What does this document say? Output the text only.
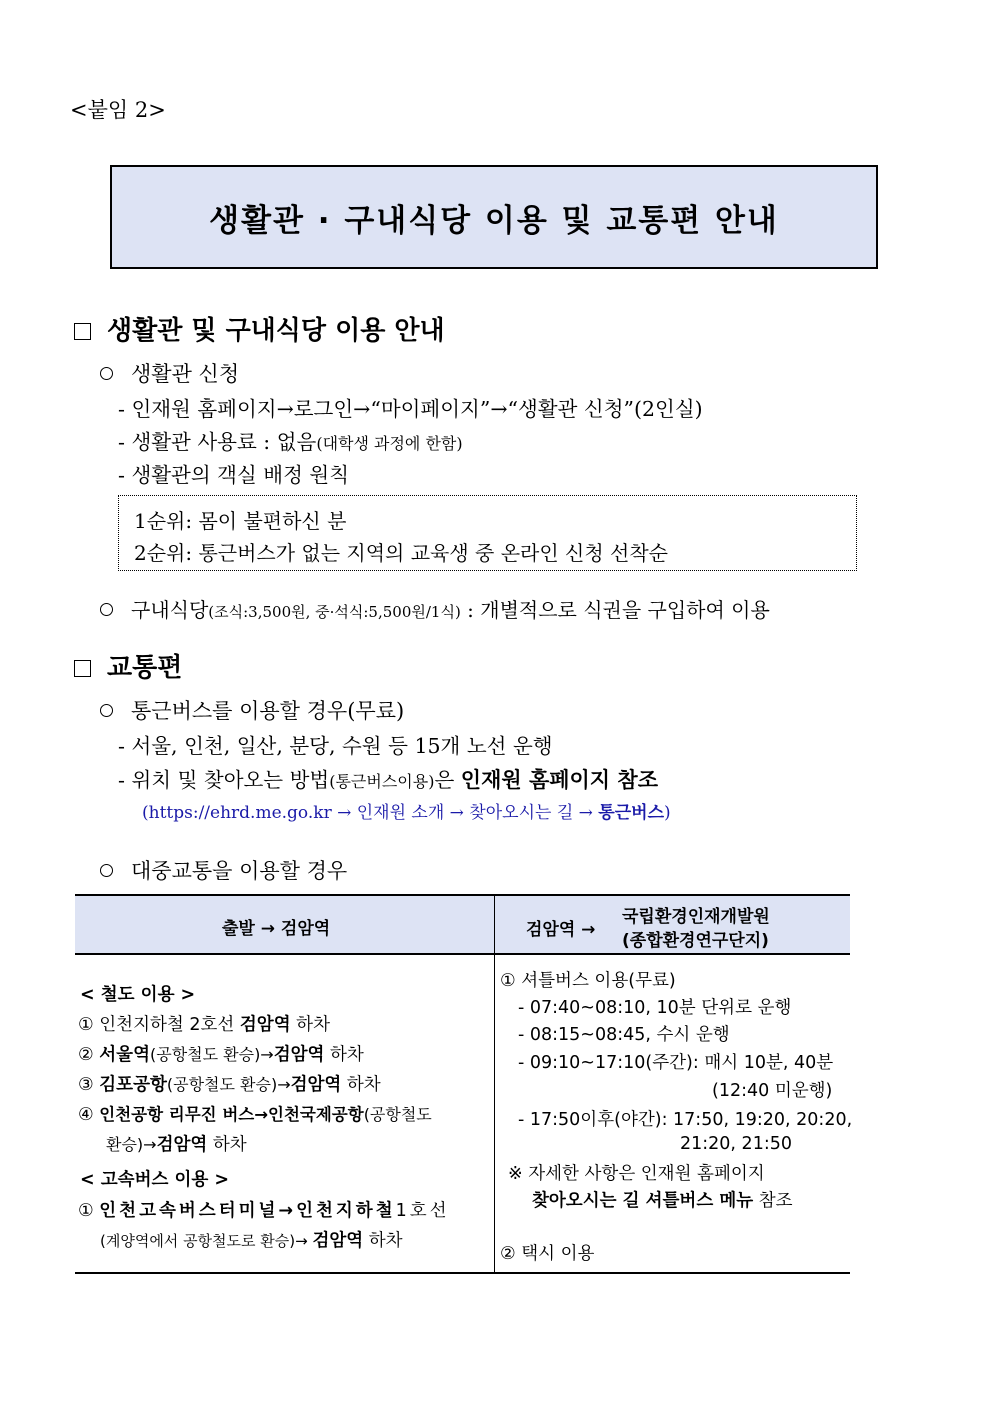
<붙임 2>
생활관 · 구내식당 이용 및 교통편 안내
생활관 및 구내식당 이용 안내
생활관 신청
- 인재원 홈페이지→로그인→“마이페이지”→“생활관 신청”(2인실)
- 생활관 사용료 : 없음(대학생 과정에 한함)
- 생활관의 객실 배정 원칙
1순위: 몸이 불편하신 분
2순위: 통근버스가 없는 지역의 교육생 중 온라인 신청 선착순
구내식당(조식:3,500원, 중·석식:5,500원/1식) : 개별적으로 식권을 구입하여 이용
교통편
통근버스를 이용할 경우(무료)
- 서울, 인천, 일산, 분당, 수원 등 15개 노선 운행
- 위치 및 찾아오는 방법(통근버스이용)은 인재원 홈페이지 참조
(https://ehrd.me.go.kr → 인재원 소개 → 찾아오시는 길 → 통근버스)
대중교통을 이용할 경우
출발 → 검암역	검암역 →
국립환경인재개발원
(종합환경연구단지)
< 철도 이용 >
① 인천지하철 2호선 검암역 하차
② 서울역(공항철도 환승)→검암역 하차
③ 김포공항(공항철도 환승)→검암역 하차
④ 인천공항 리무진 버스→인천국제공항(공항철도
환승)→검암역 하차
< 고속버스 이용 >
① 인천고속버스터미널→인천지하철1호선
(계양역에서 공항철도로 환승)→ 검암역 하차
① 셔틀버스 이용(무료)
- 07:40~08:10, 10분 단위로 운행
- 08:15~08:45, 수시 운행
- 09:10~17:10(주간): 매시 10분, 40분
(12:40 미운행)
- 17:50이후(야간): 17:50, 19:20, 20:20,
21:20, 21:50
※ 자세한 사항은 인재원 홈페이지
찾아오시는 길 셔틀버스 메뉴 참조
② 택시 이용
